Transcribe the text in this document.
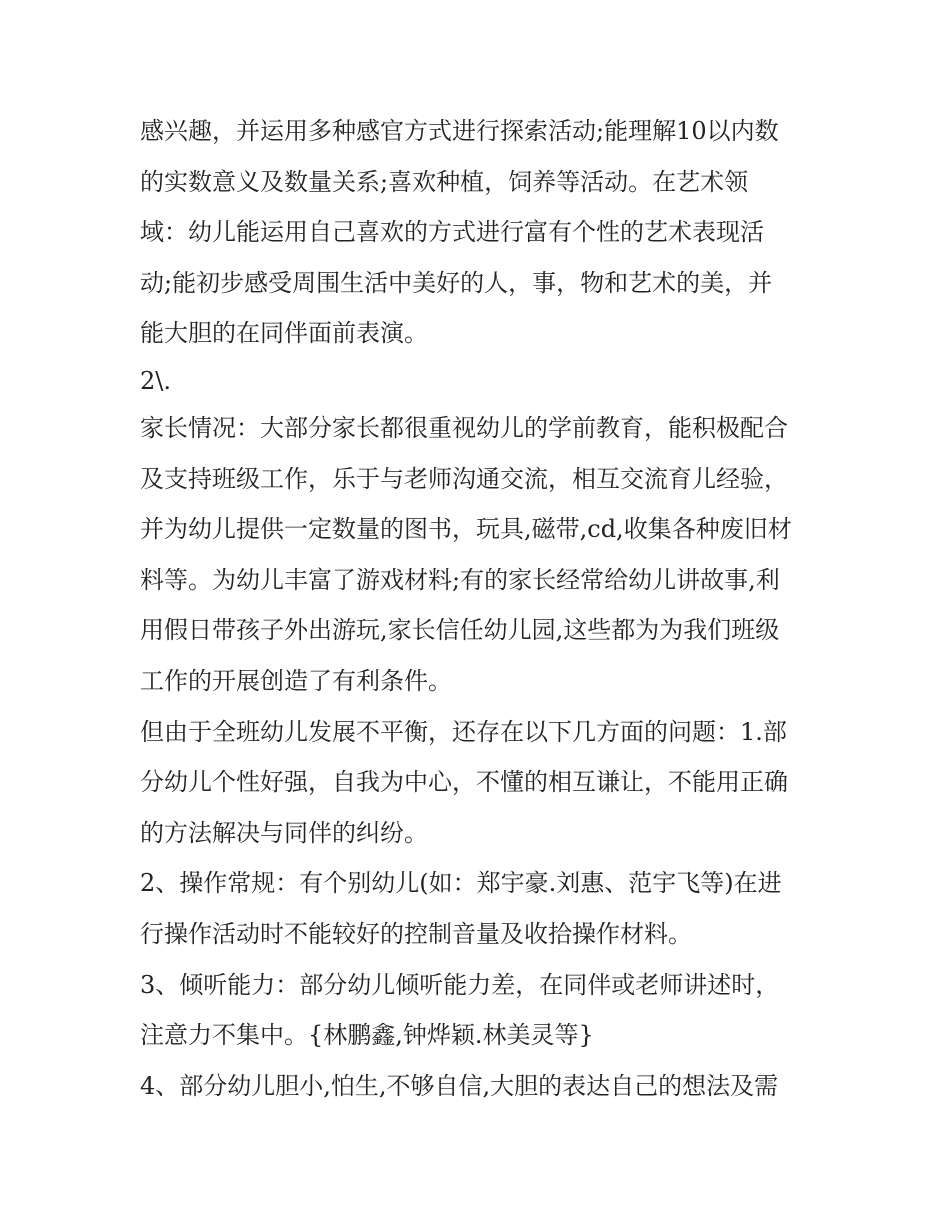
感兴趣，并运用多种感官方式进行探索活动;能理解10以内数
的实数意义及数量关系;喜欢种植，饲养等活动。在艺术领
域：幼儿能运用自己喜欢的方式进行富有个性的艺术表现活
动;能初步感受周围生活中美好的人，事，物和艺术的美，并
能大胆的在同伴面前表演。
2\.
家长情况：大部分家长都很重视幼儿的学前教育，能积极配合
及支持班级工作，乐于与老师沟通交流，相互交流育儿经验，
并为幼儿提供一定数量的图书，玩具,磁带,cd,收集各种废旧材
料等。为幼儿丰富了游戏材料;有的家长经常给幼儿讲故事,利
用假日带孩子外出游玩,家长信任幼儿园,这些都为为我们班级
工作的开展创造了有利条件。
但由于全班幼儿发展不平衡，还存在以下几方面的问题：1.部
分幼儿个性好强，自我为中心，不懂的相互谦让，不能用正确
的方法解决与同伴的纠纷。
2、操作常规：有个别幼儿(如：郑宇豪.刘惠、范宇飞等)在进
行操作活动时不能较好的控制音量及收拾操作材料。
3、倾听能力：部分幼儿倾听能力差，在同伴或老师讲述时，
注意力不集中。{林鹏鑫,钟烨颖.林美灵等}
4、部分幼儿胆小,怕生,不够自信,大胆的表达自己的想法及需
